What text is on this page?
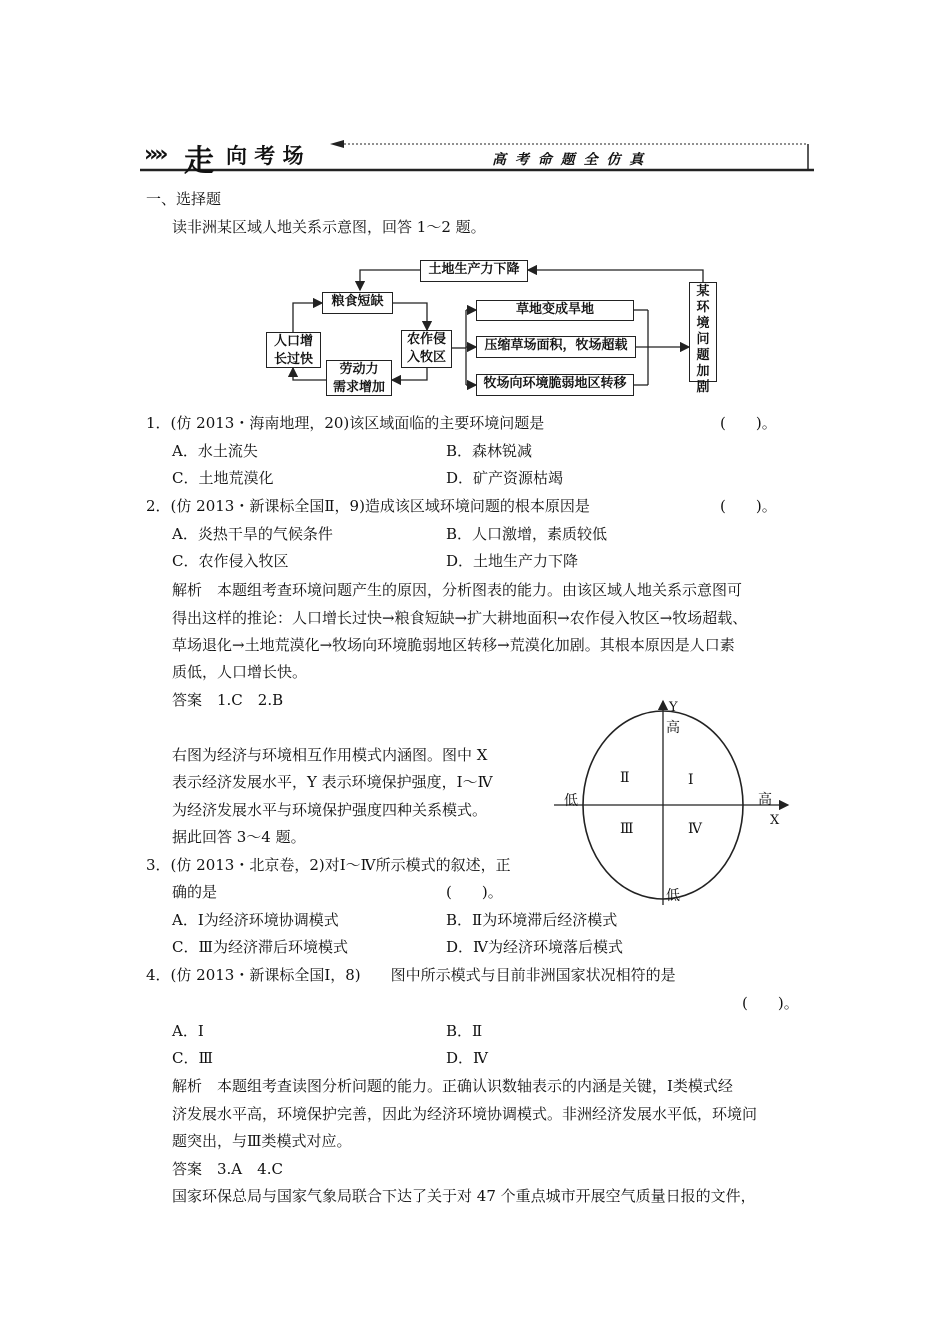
»» 走 向 考 场	高 考 命 题 全 仿 真
一、选择题
读非洲某区域人地关系示意图，回答 1～2 题。
土地生产力下降
粮食短缺
人口增
长过快
农作侵
入牧区
劳动力
需求增加
草地变成旱地
压缩草场面积，牧场超载
牧场向环境脆弱地区转移
某环境问题加剧
1．(仿 2013・海南地理，20)该区域面临的主要环境问题是	(　　)。
A．水土流失	B．森林锐减
C．土地荒漠化	D．矿产资源枯竭
2．(仿 2013・新课标全国Ⅱ，9)造成该区域环境问题的根本原因是	(　　)。
A．炎热干旱的气候条件	B．人口激增，素质较低
C．农作侵入牧区	D．土地生产力下降
解析　本题组考查环境问题产生的原因，分析图表的能力。由该区域人地关系示意图可
得出这样的推论：人口增长过快→粮食短缺→扩大耕地面积→农作侵入牧区→牧场超载、
草场退化→土地荒漠化→牧场向环境脆弱地区转移→荒漠化加剧。其根本原因是人口素
质低，人口增长快。
答案　1.C　2.B
右图为经济与环境相互作用模式内涵图。图中 X
表示经济发展水平，Y 表示环境保护强度，Ⅰ～Ⅳ
为经济发展水平与环境保护强度四种关系模式。
据此回答 3～4 题。
Y
高
低
低	高
X
Ⅰ
Ⅱ
Ⅲ	Ⅳ
3．(仿 2013・北京卷，2)对Ⅰ～Ⅳ所示模式的叙述，正
确的是	(　　)。
A．Ⅰ为经济环境协调模式	B．Ⅱ为环境滞后经济模式
C．Ⅲ为经济滞后环境模式	D．Ⅳ为经济环境落后模式
4．(仿 2013・新课标全国Ⅰ，8)　　图中所示模式与目前非洲国家状况相符的是
(　　)。
A．Ⅰ	B．Ⅱ
C．Ⅲ	D．Ⅳ
解析　本题组考查读图分析问题的能力。正确认识数轴表示的内涵是关键，Ⅰ类模式经
济发展水平高，环境保护完善，因此为经济环境协调模式。非洲经济发展水平低，环境问
题突出，与Ⅲ类模式对应。
答案　3.A　4.C
国家环保总局与国家气象局联合下达了关于对 47 个重点城市开展空气质量日报的文件，
